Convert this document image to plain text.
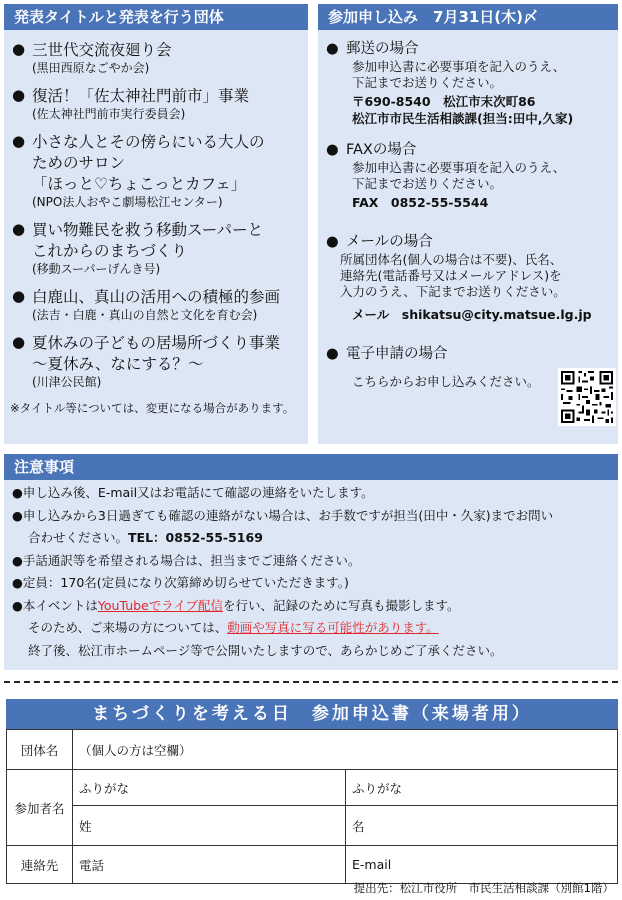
発表タイトルと発表を行う団体
● 三世代交流夜廻り会
(黒田西原なごやか会)
● 復活！「佐太神社門前市」事業
(佐太神社門前市実行委員会)
● 小さな人とその傍らにいる大人の
ためのサロン
「ほっと♡ちょこっとカフェ」
(NPO法人おやこ劇場松江センター)
● 買い物難民を救う移動スーパーと
これからのまちづくり
(移動スーパーげんき号)
● 白鹿山、真山の活用への積極的参画
(法吉・白鹿・真山の自然と文化を育む会)
● 夏休みの子どもの居場所づくり事業
～夏休み、なにする？～
(川津公民館)
※タイトル等については、変更になる場合があります。
参加申し込み　7月31日(木)〆
● 郵送の場合
参加申込書に必要事項を記入のうえ、
下記までお送りください。
〒690-8540　松江市末次町86
松江市市民生活相談課(担当:田中,久家)
● FAXの場合
参加申込書に必要事項を記入のうえ、
下記までお送りください。
FAX　0852-55-5544
● メールの場合
所属団体名(個人の場合は不要)、氏名、
連絡先(電話番号又はメールアドレス)を
入力のうえ、下記までお送りください。
メール　shikatsu@city.matsue.lg.jp
● 電子申請の場合
こちらからお申し込みください。
注意事項
●申し込み後、E-mail又はお電話にて確認の連絡をいたします。
●申し込みから3日過ぎても確認の連絡がない場合は、お手数ですが担当(田中・久家)までお問い
合わせください。TEL：0852-55-5169
●手話通訳等を希望される場合は、担当までご連絡ください。
●定員：170名(定員になり次第締め切らせていただきます。)
●本イベントはYouTubeでライブ配信を行い、記録のために写真も撮影します。
そのため、ご来場の方については、動画や写真に写る可能性があります。
終了後、松江市ホームページ等で公開いたしますので、あらかじめご了承ください。
まちづくりを考える日　参加申込書（来場者用）
団体名	（個人の方は空欄）	
参加者名	ふりがな	ふりがな
	姓	名
連絡先	電話	E-mail
提出先：松江市役所　市民生活相談課（別館1階）
